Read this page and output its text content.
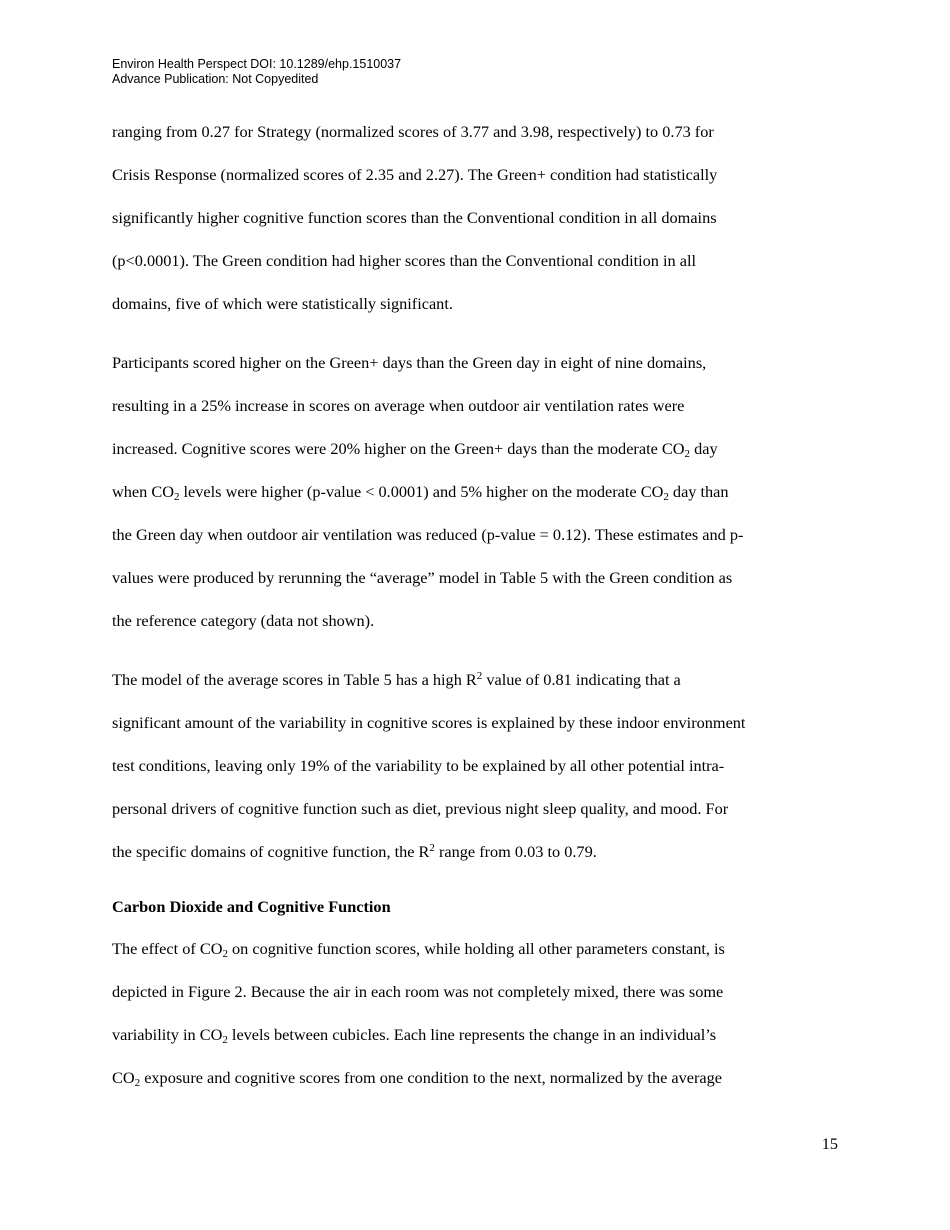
Environ Health Perspect DOI: 10.1289/ehp.1510037
Advance Publication: Not Copyedited

ranging from 0.27 for Strategy (normalized scores of 3.77 and 3.98, respectively) to 0.73 for
Crisis Response (normalized scores of 2.35 and 2.27). The Green+ condition had statistically
significantly higher cognitive function scores than the Conventional condition in all domains
(p<0.0001). The Green condition had higher scores than the Conventional condition in all
domains, five of which were statistically significant.

Participants scored higher on the Green+ days than the Green day in eight of nine domains,
resulting in a 25% increase in scores on average when outdoor air ventilation rates were
increased. Cognitive scores were 20% higher on the Green+ days than the moderate $CO_2$ day
when $CO_2$ levels were higher (p-value < 0.0001) and 5% higher on the moderate $CO_2$ day than
the Green day when outdoor air ventilation was reduced (p-value = 0.12). These estimates and p-
values were produced by rerunning the “average” model in Table 5 with the Green condition as
the reference category (data not shown).

The model of the average scores in Table 5 has a high $R^2$ value of 0.81 indicating that a
significant amount of the variability in cognitive scores is explained by these indoor environment
test conditions, leaving only 19% of the variability to be explained by all other potential intra-
personal drivers of cognitive function such as diet, previous night sleep quality, and mood. For
the specific domains of cognitive function, the $R^2$ range from 0.03 to 0.79.

Carbon Dioxide and Cognitive Function

The effect of $CO_2$ on cognitive function scores, while holding all other parameters constant, is
depicted in Figure 2. Because the air in each room was not completely mixed, there was some
variability in $CO_2$ levels between cubicles. Each line represents the change in an individual’s
$CO_2$ exposure and cognitive scores from one condition to the next, normalized by the average

15
